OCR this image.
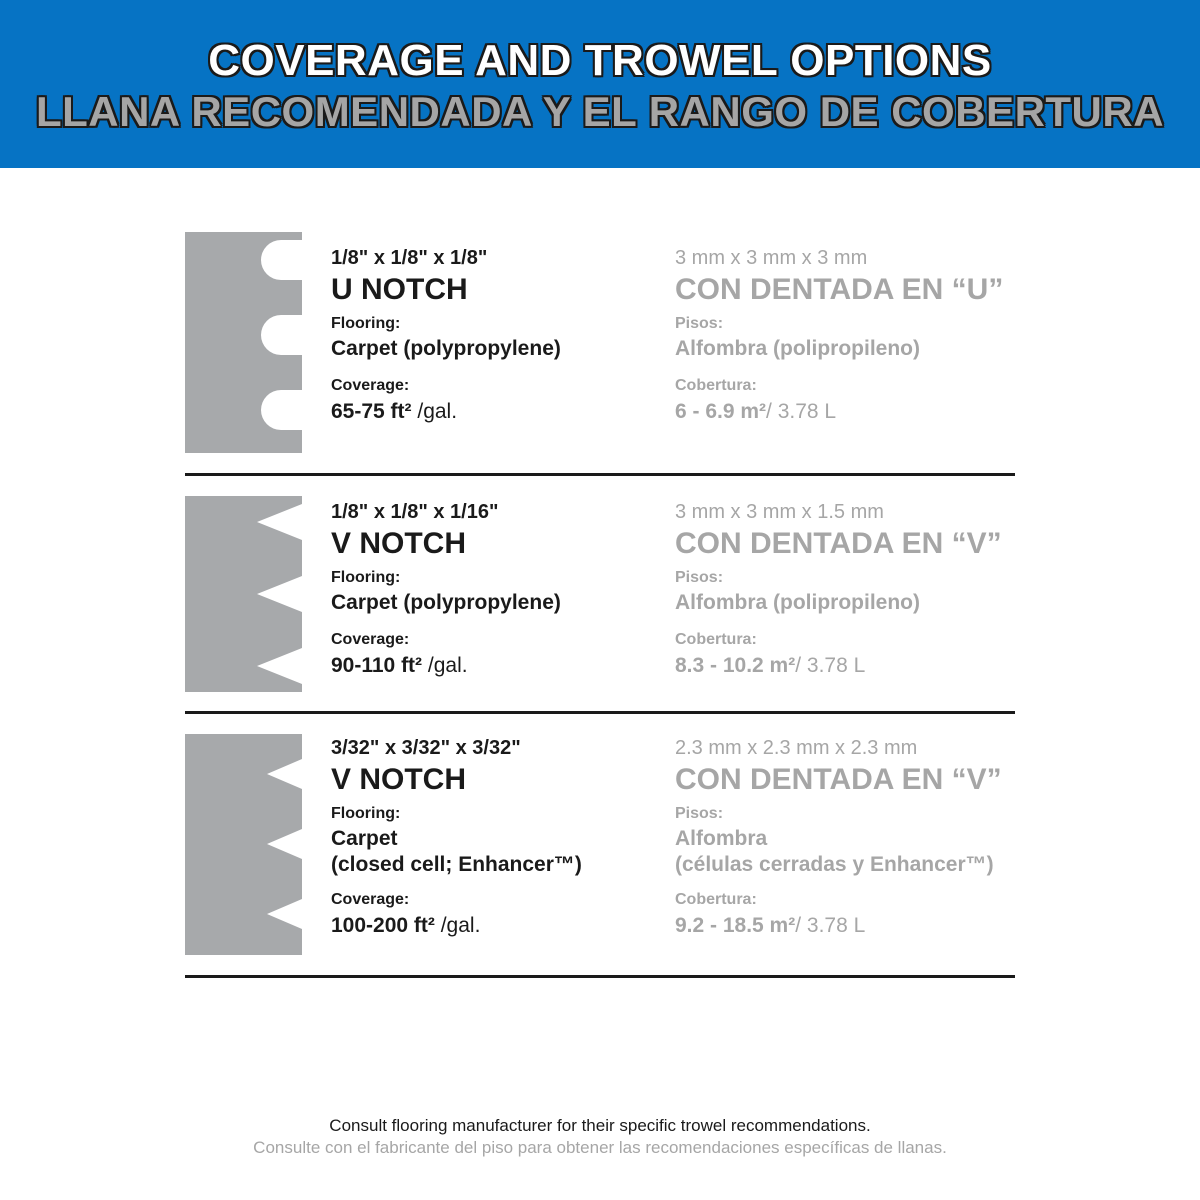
COVERAGE AND TROWEL OPTIONS
LLANA RECOMENDADA Y EL RANGO DE COBERTURA
1/8" x 1/8" x 1/8"
U NOTCH
Flooring:
Carpet (polypropylene)
Coverage:
65-75 ft² /gal.
3 mm x 3 mm x 3 mm
CON DENTADA EN “U”
Pisos:
Alfombra (polipropileno)
Cobertura:
6 - 6.9 m²/ 3.78 L
1/8" x 1/8" x 1/16"
V NOTCH
Flooring:
Carpet (polypropylene)
Coverage:
90-110 ft² /gal.
3 mm x 3 mm x 1.5 mm
CON DENTADA EN “V”
Pisos:
Alfombra (polipropileno)
Cobertura:
8.3 - 10.2 m²/ 3.78 L
3/32" x 3/32" x 3/32"
V NOTCH
Flooring:
Carpet
(closed cell; Enhancer™)
Coverage:
100-200 ft² /gal.
2.3 mm x 2.3 mm x 2.3 mm
CON DENTADA EN “V”
Pisos:
Alfombra
(células cerradas y Enhancer™)
Cobertura:
9.2 - 18.5 m²/ 3.78 L
Consult flooring manufacturer for their specific trowel recommendations.
Consulte con el fabricante del piso para obtener las recomendaciones específicas de llanas.
